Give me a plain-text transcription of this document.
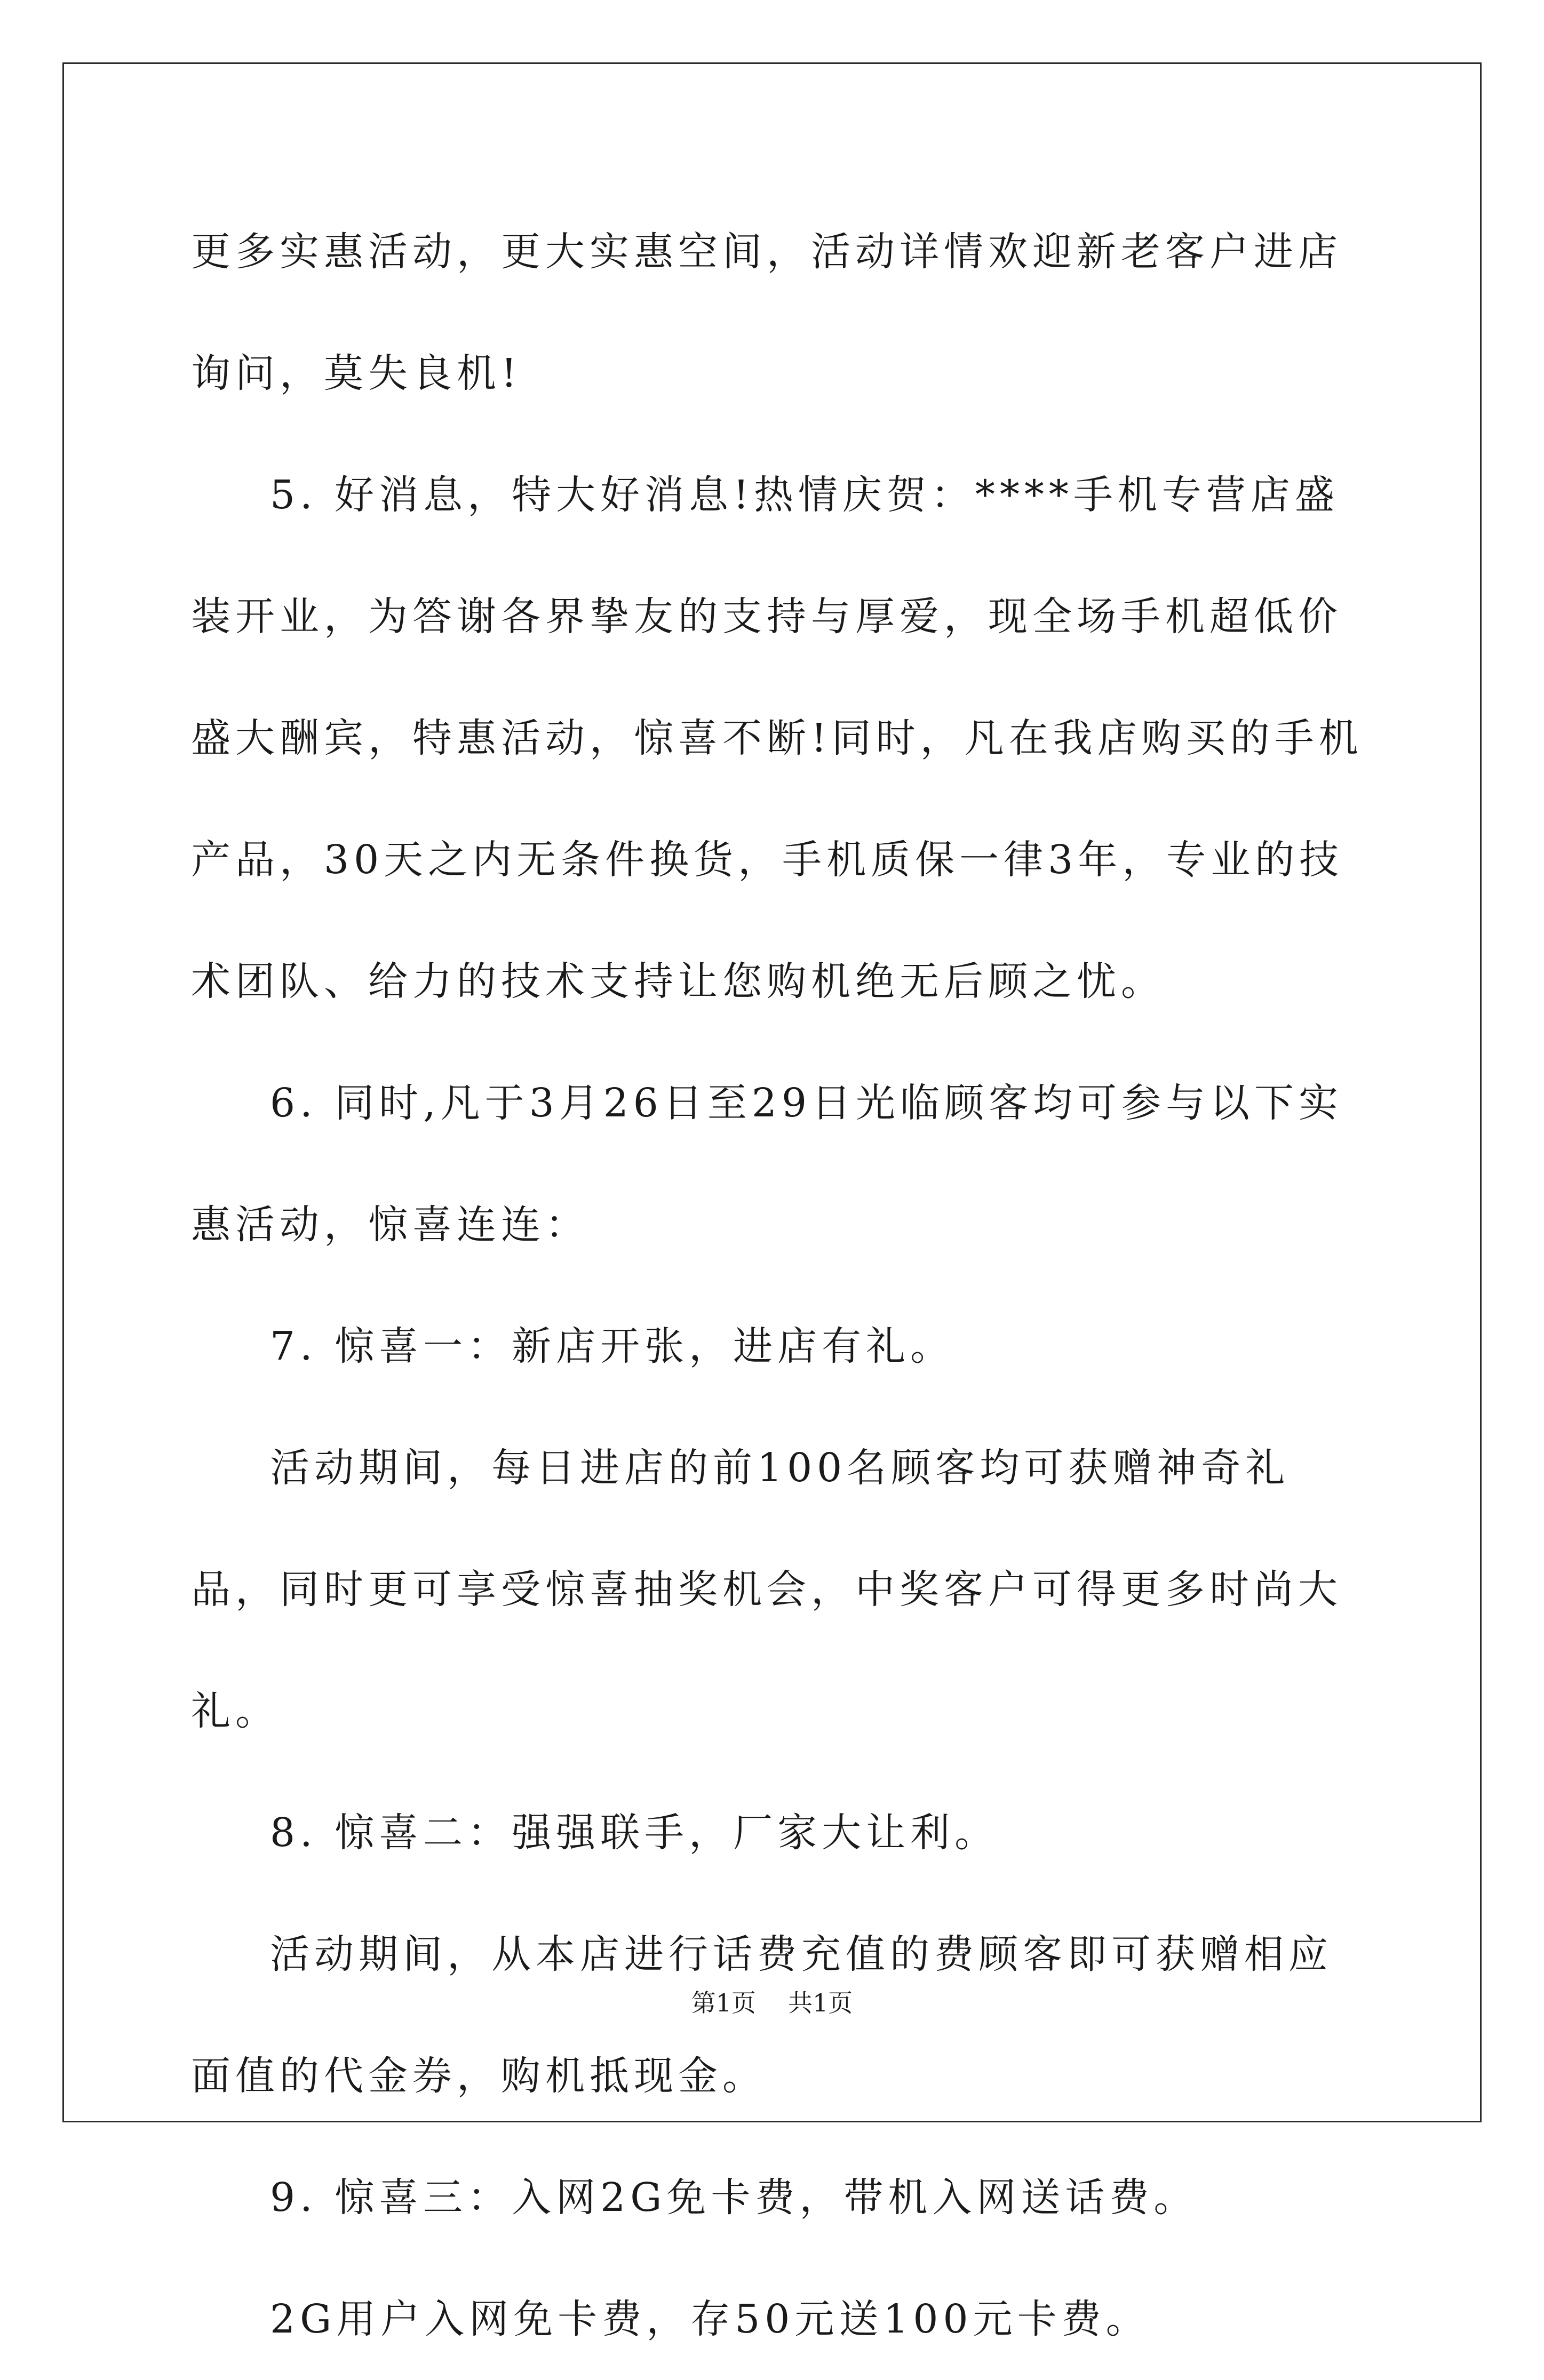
更多实惠活动，更大实惠空间，活动详情欢迎新老客户进店询问，莫失良机!

5. 好消息，特大好消息!热情庆贺：****手机专营店盛装开业，为答谢各界挚友的支持与厚爱，现全场手机超低价盛大酬宾，特惠活动，惊喜不断!同时，凡在我店购买的手机产品，30天之内无条件换货，手机质保一律3年，专业的技术团队、给力的技术支持让您购机绝无后顾之忧。

6. 同时,凡于3月26日至29日光临顾客均可参与以下实惠活动，惊喜连连：

7. 惊喜一：新店开张，进店有礼。

活动期间，每日进店的前100名顾客均可获赠神奇礼品，同时更可享受惊喜抽奖机会，中奖客户可得更多时尚大礼。

8. 惊喜二：强强联手，厂家大让利。

活动期间，从本店进行话费充值的费顾客即可获赠相应面值的代金券，购机抵现金。

9. 惊喜三：入网2G免卡费，带机入网送话费。

2G用户入网免卡费，存50元送100元卡费。

第1页 共1页
